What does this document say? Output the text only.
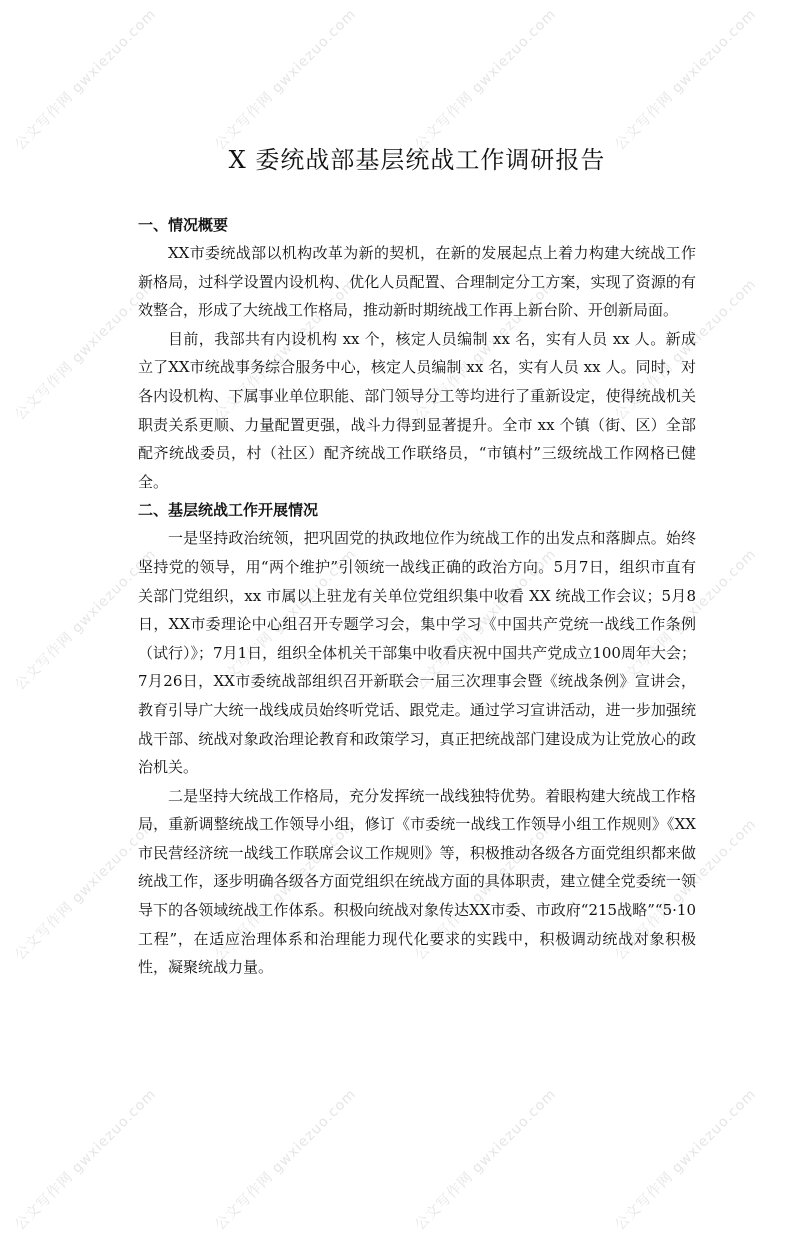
公文写作网 gwxiezuo.com	公文写作网 gwxiezuo.com	公文写作网 gwxiezuo.com	公文写作网 gwxiezuo.com
公文写作网 gwxiezuo.com	公文写作网 gwxiezuo.com	公文写作网 gwxiezuo.com	公文写作网 gwxiezuo.com
公文写作网 gwxiezuo.com	公文写作网 gwxiezuo.com	公文写作网 gwxiezuo.com	公文写作网 gwxiezuo.com
公文写作网 gwxiezuo.com	公文写作网 gwxiezuo.com	公文写作网 gwxiezuo.com	公文写作网 gwxiezuo.com
公文写作网 gwxiezuo.com	公文写作网 gwxiezuo.com	公文写作网 gwxiezuo.com	公文写作网 gwxiezuo.com
X 委统战部基层统战工作调研报告

一、情况概要

XX市委统战部以机构改革为新的契机，在新的发展起点上着力构建大统战工作新格局，过科学设置内设机构、优化人员配置、合理制定分工方案，实现了资源的有效整合，形成了大统战工作格局，推动新时期统战工作再上新台阶、开创新局面。

目前，我部共有内设机构 xx 个，核定人员编制 xx 名，实有人员 xx 人。新成立了XX市统战事务综合服务中心，核定人员编制 xx 名，实有人员 xx 人。同时，对各内设机构、下属事业单位职能、部门领导分工等均进行了重新设定，使得统战机关职责关系更顺、力量配置更强，战斗力得到显著提升。全市 xx 个镇（街、区）全部配齐统战委员，村（社区）配齐统战工作联络员，“市镇村”三级统战工作网格已健全。

二、基层统战工作开展情况

一是坚持政治统领，把巩固党的执政地位作为统战工作的出发点和落脚点。始终坚持党的领导，用“两个维护”引领统一战线正确的政治方向。5月7日，组织市直有关部门党组织，xx 市属以上驻龙有关单位党组织集中收看 XX 统战工作会议；5月8日，XX市委理论中心组召开专题学习会，集中学习《中国共产党统一战线工作条例（试行）》；7月1日，组织全体机关干部集中收看庆祝中国共产党成立100周年大会；7月26日，XX市委统战部组织召开新联会一届三次理事会暨《统战条例》宣讲会，教育引导广大统一战线成员始终听党话、跟党走。通过学习宣讲活动，进一步加强统战干部、统战对象政治理论教育和政策学习，真正把统战部门建设成为让党放心的政治机关。

二是坚持大统战工作格局，充分发挥统一战线独特优势。着眼构建大统战工作格局，重新调整统战工作领导小组，修订《市委统一战线工作领导小组工作规则》《XX市民营经济统一战线工作联席会议工作规则》等，积极推动各级各方面党组织都来做统战工作，逐步明确各级各方面党组织在统战方面的具体职责，建立健全党委统一领导下的各领域统战工作体系。积极向统战对象传达XX市委、市政府“215战略”“5·10工程”，在适应治理体系和治理能力现代化要求的实践中，积极调动统战对象积极性，凝聚统战力量。
